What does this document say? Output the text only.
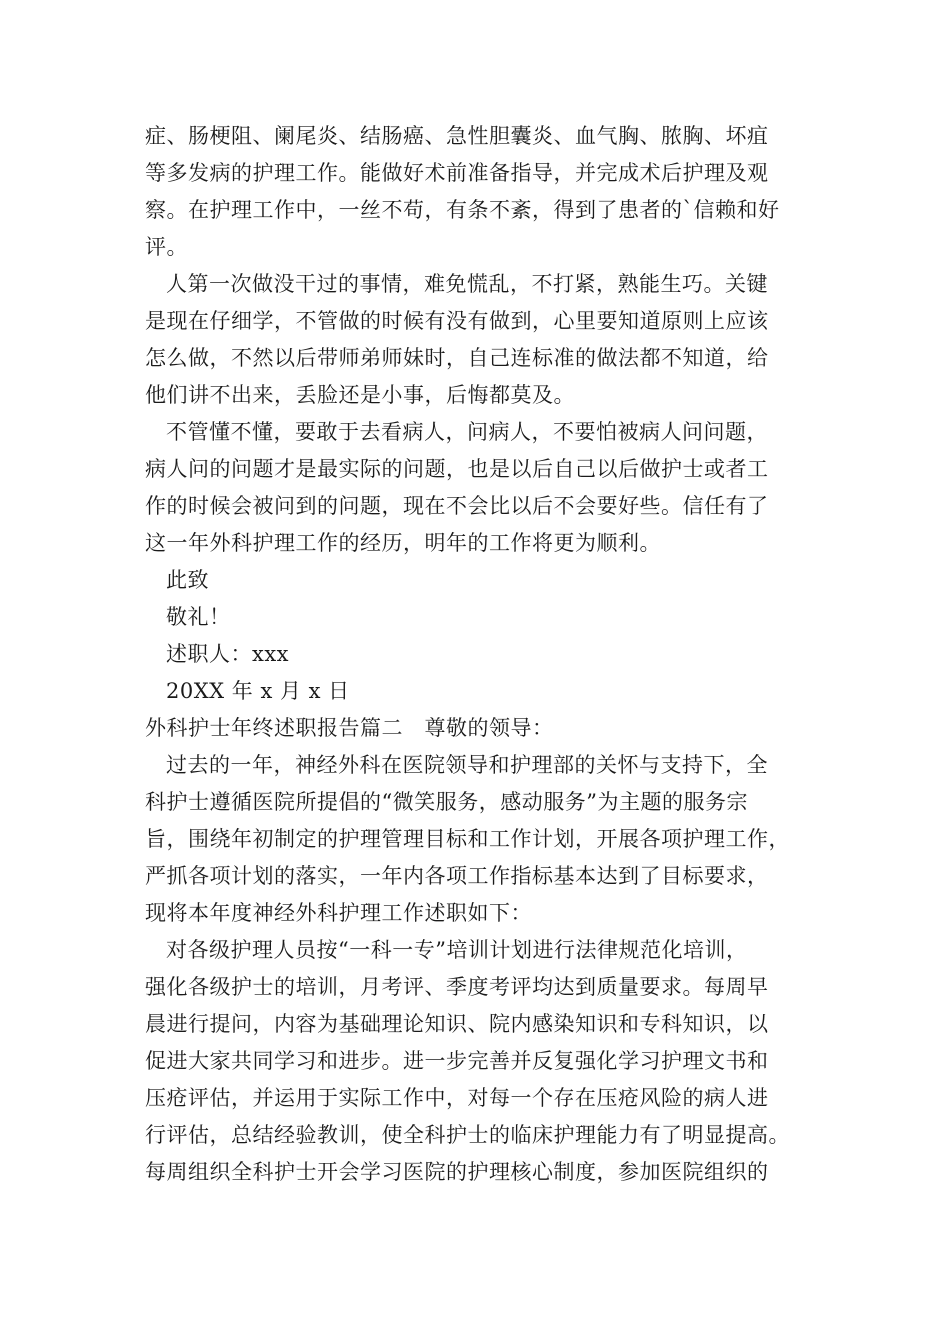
症、肠梗阻、阑尾炎、结肠癌、急性胆囊炎、血气胸、脓胸、坏疽
等多发病的护理工作。能做好术前准备指导，并完成术后护理及观
察。在护理工作中，一丝不苟，有条不紊，得到了患者的`信赖和好
评。
人第一次做没干过的事情，难免慌乱，不打紧，熟能生巧。关键
是现在仔细学，不管做的时候有没有做到，心里要知道原则上应该
怎么做，不然以后带师弟师妹时，自己连标准的做法都不知道，给
他们讲不出来，丢脸还是小事，后悔都莫及。
不管懂不懂，要敢于去看病人，问病人，不要怕被病人问问题，
病人问的问题才是最实际的问题，也是以后自己以后做护士或者工
作的时候会被问到的问题，现在不会比以后不会要好些。信任有了
这一年外科护理工作的经历，明年的工作将更为顺利。
此致
敬礼！
述职人：xxx
20XX 年 x 月 x 日
外科护士年终述职报告篇二　尊敬的领导：
过去的一年，神经外科在医院领导和护理部的关怀与支持下，全
科护士遵循医院所提倡的“微笑服务，感动服务”为主题的服务宗
旨，围绕年初制定的护理管理目标和工作计划，开展各项护理工作，
严抓各项计划的落实，一年内各项工作指标基本达到了目标要求，
现将本年度神经外科护理工作述职如下：
对各级护理人员按“一科一专”培训计划进行法律规范化培训，
强化各级护士的培训，月考评、季度考评均达到质量要求。每周早
晨进行提问，内容为基础理论知识、院内感染知识和专科知识，以
促进大家共同学习和进步。进一步完善并反复强化学习护理文书和
压疮评估，并运用于实际工作中，对每一个存在压疮风险的病人进
行评估，总结经验教训，使全科护士的临床护理能力有了明显提高。
每周组织全科护士开会学习医院的护理核心制度，参加医院组织的
